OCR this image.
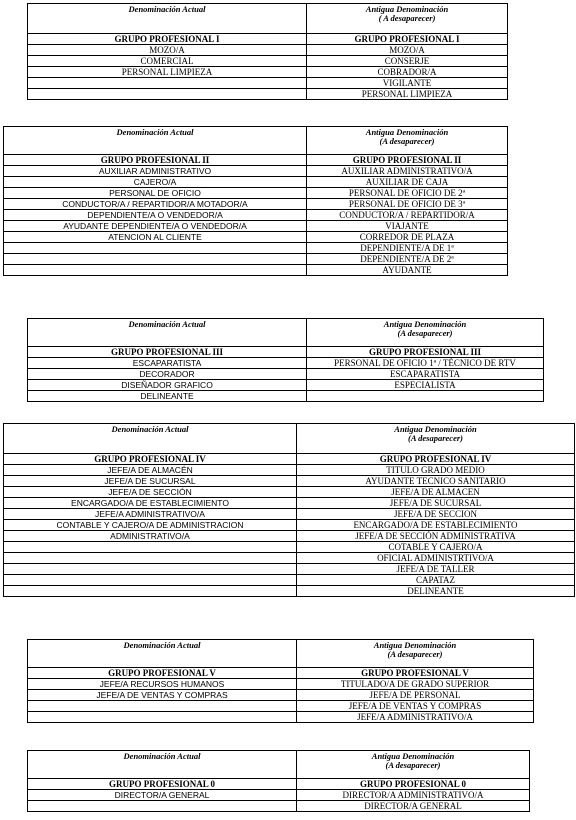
Denominación Actual	Antigua Denominación
( A desaparecer)

GRUPO PROFESIONAL I	GRUPO PROFESIONAL I
MOZO/A	MOZO/A
COMERCIAL	CONSERJE
PERSONAL LIMPIEZA	COBRADOR/A
	VIGILANTE
	PERSONAL LIMPIEZA
Denominación Actual	Antigua Denominación
(A desaparecer)

GRUPO PROFESIONAL II	GRUPO PROFESIONAL II
AUXILIAR ADMINISTRATIVO	AUXILIAR ADMINISTRATIVO/A
CAJERO/A	AUXILIAR DE CAJA
PERSONAL DE OFICIO	PERSONAL DE OFICIO DE 2ª
CONDUCTOR/A / REPARTIDOR/A MOTADOR/A	PERSONAL DE OFICIO DE 3ª
DEPENDIENTE/A O VENDEDOR/A	CONDUCTOR/A / REPARTIDOR/A
AYUDANTE DEPENDIENTE/A O VENDEDOR/A	VIAJANTE
ATENCION AL CLIENTE	CORREDOR DE PLAZA
	DEPENDIENTE/A DE 1ª
	DEPENDIENTE/A DE 2ª
	AYUDANTE
Denominación Actual	Antigua Denominación
(A desaparecer)

GRUPO PROFESIONAL III	GRUPO PROFESIONAL III
ESCAPARATISTA	PERSONAL DE OFICIO 1ª / TÉCNICO DE RTV
DECORADOR	ESCAPARATISTA
DISEÑADOR GRAFICO	ESPECIALISTA
DELINEANTE	
Denominación Actual	Antigua Denominación
(A desaparecer)

GRUPO PROFESIONAL IV	GRUPO PROFESIONAL IV
JEFE/A DE ALMACÉN	TITULO GRADO MEDIO
JEFE/A DE SUCURSAL	AYUDANTE TECNICO SANITARIO
JEFE/A DE SECCIÓN	JEFE/A DE ALMACEN
ENCARGADO/A DE ESTABLECIMIENTO	JEFE/A DE SUCURSAL
JEFE/A ADMINISTRATIVO/A	JEFE/A DE SECCION
CONTABLE Y CAJERO/A DE ADMINISTRACION	ENCARGADO/A DE ESTABLECIMIENTO
ADMINISTRATIVO/A	JEFE/A DE SECCIÓN ADMINISTRATIVA
	COTABLE Y CAJERO/A
	OFICIAL ADMINISTRTIVO/A
	JEFE/A DE TALLER
	CAPATAZ
	DELINEANTE
Denominación Actual	Antigua Denominación
(A desaparecer)

GRUPO PROFESIONAL V	GRUPO PROFESIONAL V
JEFE/A RECURSOS HUMANOS	TITULADO/A DE GRADO SUPERIOR
JEFE/A DE VENTAS Y COMPRAS	JEFE/A DE PERSONAL
	JEFE/A DE VENTAS Y COMPRAS
	JEFE/A ADMINISTRATIVO/A
Denominación Actual	Antigua Denominación
(A desaparecer)

GRUPO PROFESIONAL 0	GRUPO PROFESIONAL 0
DIRECTOR/A GENERAL	DIRECTOR/A ADMINISTRATIVO/A
	DIRECTOR/A GENERAL
